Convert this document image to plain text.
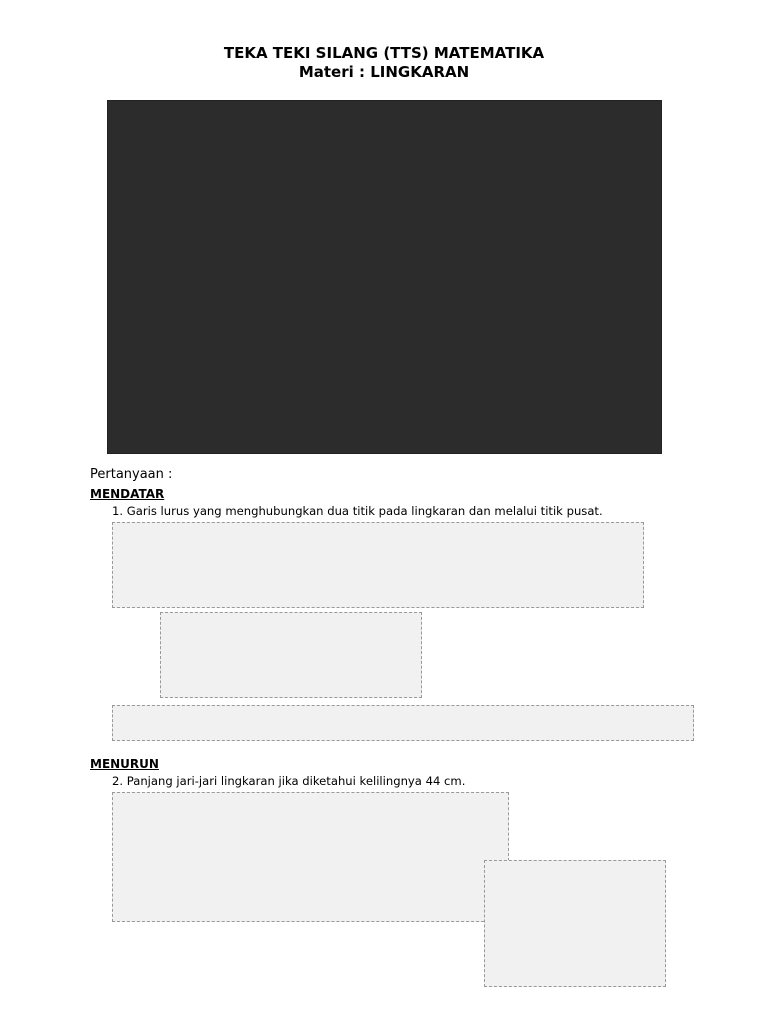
TEKA TEKI SILANG (TTS) MATEMATIKA
Materi : LINGKARAN
Pertanyaan :
MENDATAR
1. Garis lurus yang menghubungkan dua titik pada lingkaran dan melalui titik pusat.
MENURUN
2. Panjang jari-jari lingkaran jika diketahui kelilingnya 44 cm.
